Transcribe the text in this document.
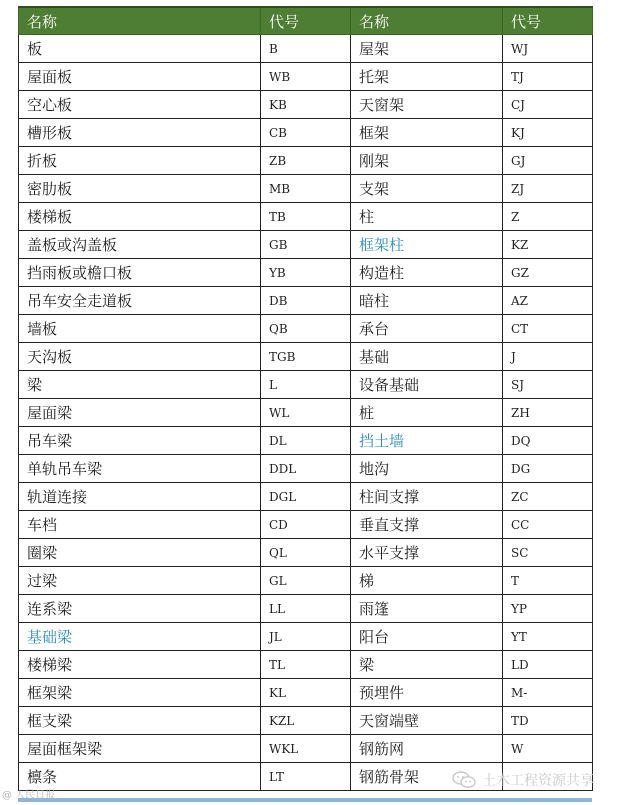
名称	代号	名称	代号
板	B	屋架	WJ
屋面板	WB	托架	TJ
空心板	KB	天窗架	CJ
槽形板	CB	框架	KJ
折板	ZB	刚架	GJ
密肋板	MB	支架	ZJ
楼梯板	TB	柱	Z
盖板或沟盖板	GB	框架柱	KZ
挡雨板或檐口板	YB	构造柱	GZ
吊车安全走道板	DB	暗柱	AZ
墙板	QB	承台	CT
天沟板	TGB	基础	J
梁	L	设备基础	SJ
屋面梁	WL	桩	ZH
吊车梁	DL	挡土墙	DQ
单轨吊车梁	DDL	地沟	DG
轨道连接	DGL	柱间支撑	ZC
车档	CD	垂直支撑	CC
圈梁	QL	水平支撑	SC
过梁	GL	梯	T
连系梁	LL	雨篷	YP
基础梁	JL	阳台	YT
楼梯梁	TL	梁	LD
框架梁	KL	预埋件	M-
框支梁	KZL	天窗端壁	TD
屋面框架梁	WKL	钢筋网	W
檩条	LT	钢筋骨架	
@ 人民日报
土木工程资源共享
